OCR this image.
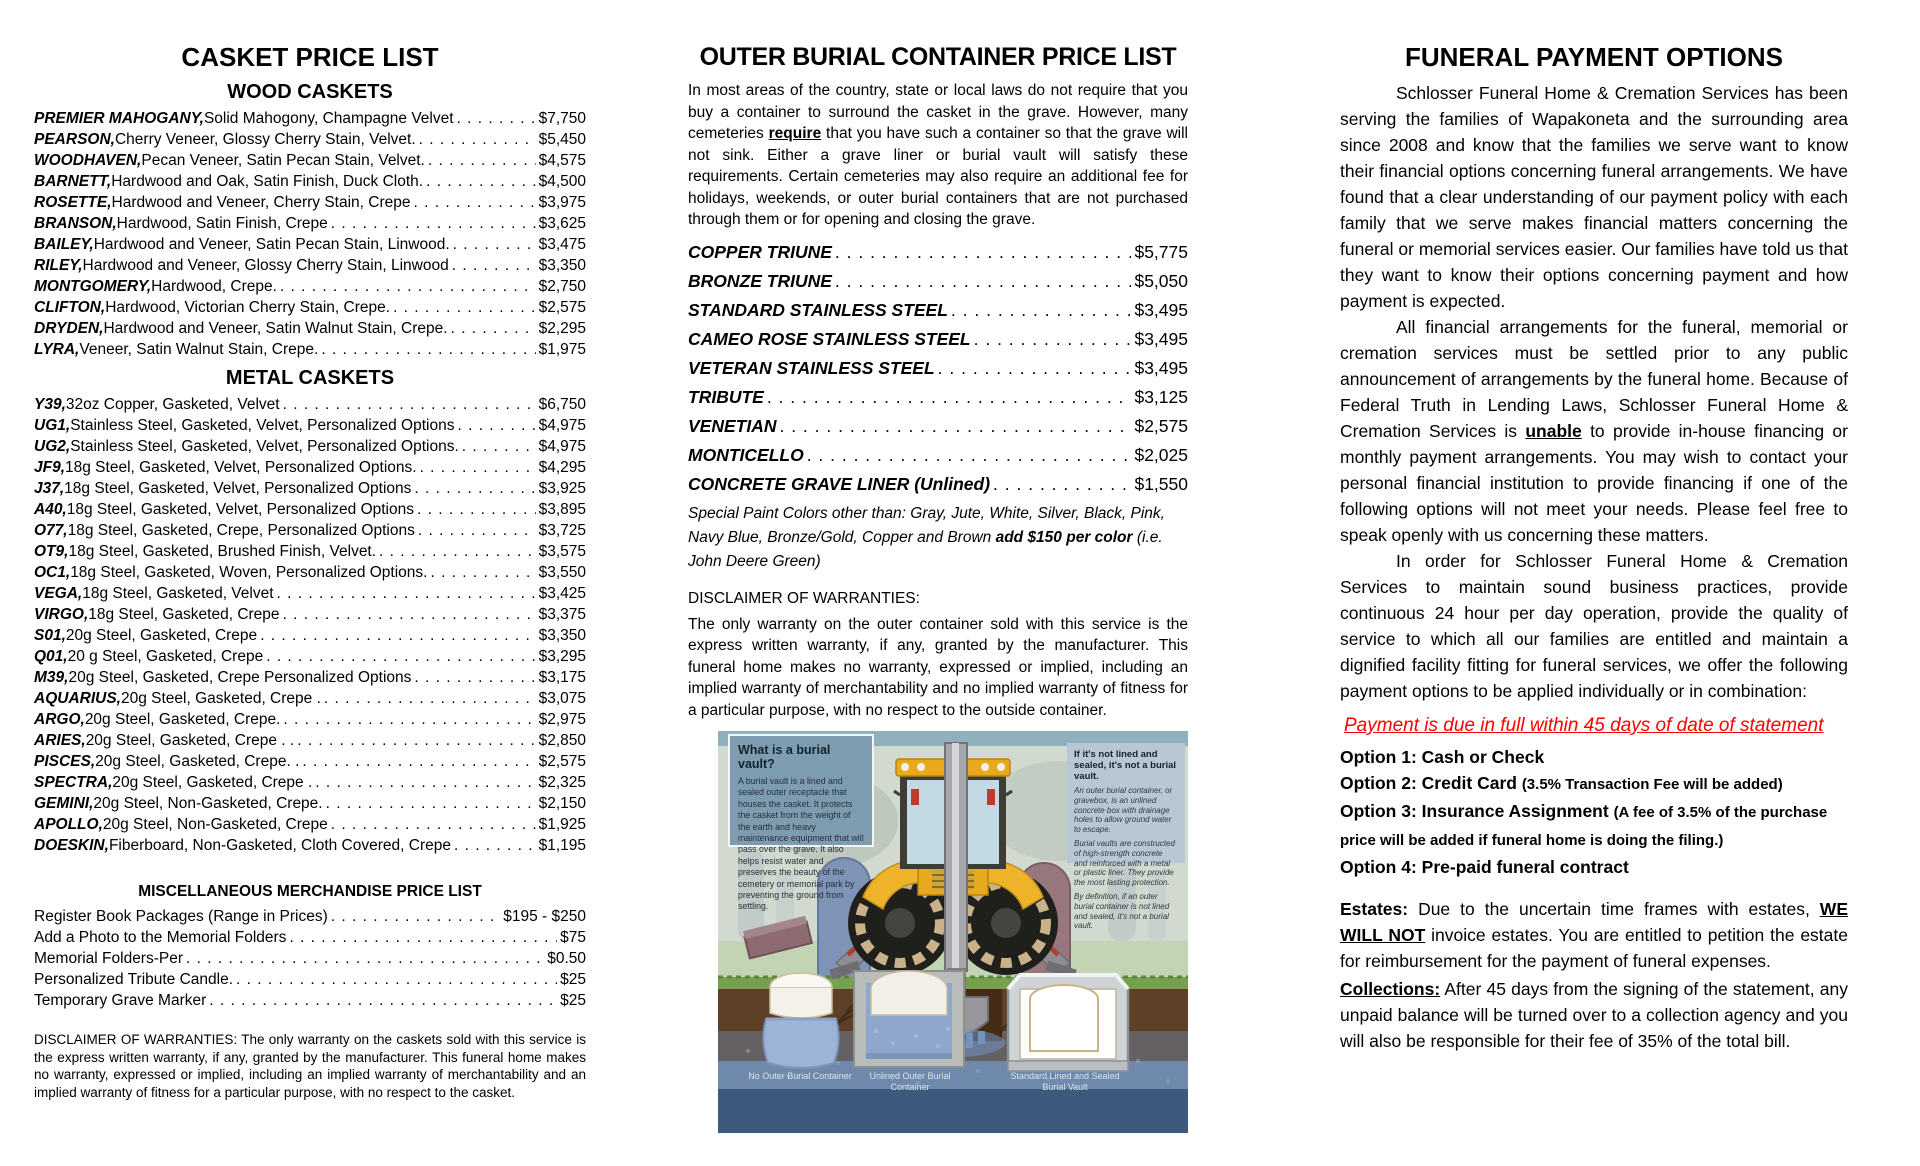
CASKET PRICE LIST
WOOD CASKETS
PREMIER MAHOGANY, Solid Mahogony, Champagne Velvet . . .	$7,750
PEARSON, Cherry Veneer, Glossy Cherry Stain, Velvet. . . .	$5,450
WOODHAVEN, Pecan Veneer, Satin Pecan Stain, Velvet. . . .	$4,575
BARNETT, Hardwood and Oak, Satin Finish, Duck Cloth. . . .	$4,500
ROSETTE, Hardwood and Veneer, Cherry Stain, Crepe . . .	$3,975
BRANSON, Hardwood, Satin Finish, Crepe . . .	$3,625
BAILEY, Hardwood and Veneer, Satin Pecan Stain, Linwood. . . .	$3,475
RILEY, Hardwood and Veneer, Glossy Cherry Stain, Linwood . . .	$3,350
MONTGOMERY, Hardwood, Crepe. . . .	$2,750
CLIFTON, Hardwood, Victorian Cherry Stain, Crepe. . . .	$2,575
DRYDEN, Hardwood and Veneer, Satin Walnut Stain, Crepe. . . .	$2,295
LYRA, Veneer, Satin Walnut Stain, Crepe. . . .	$1,975
METAL CASKETS
Y39, 32oz Copper, Gasketed, Velvet . . .	$6,750
UG1, Stainless Steel, Gasketed, Velvet, Personalized Options . . .	$4,975
UG2, Stainless Steel, Gasketed, Velvet, Personalized Options. . . .	$4,975
JF9, 18g Steel, Gasketed, Velvet, Personalized Options. . . .	$4,295
J37, 18g Steel, Gasketed, Velvet, Personalized Options . . .	$3,925
A40, 18g Steel, Gasketed, Velvet, Personalized Options . . .	$3,895
O77, 18g Steel, Gasketed, Crepe, Personalized Options . . .	$3,725
OT9, 18g Steel, Gasketed, Brushed Finish, Velvet. . . .	$3,575
OC1, 18g Steel, Gasketed, Woven, Personalized Options. . . .	$3,550
VEGA, 18g Steel, Gasketed, Velvet . . .	$3,425
VIRGO, 18g Steel, Gasketed, Crepe . . .	$3,375
S01, 20g Steel, Gasketed, Crepe . . .	$3,350
Q01, 20 g Steel, Gasketed, Crepe . . .	$3,295
M39, 20g Steel, Gasketed, Crepe Personalized Options . . .	$3,175
AQUARIUS, 20g Steel, Gasketed, Crepe . . . .	$3,075
ARGO, 20g Steel, Gasketed, Crepe. . . .	$2,975
ARIES, 20g Steel, Gasketed, Crepe . . . . .	$2,850
PISCES, 20g Steel, Gasketed, Crepe. . . . .	$2,575
SPECTRA, 20g Steel, Gasketed, Crepe . . . .	$2,325
GEMINI, 20g Steel, Non-Gasketed, Crepe. . . .	$2,150
APOLLO, 20g Steel, Non-Gasketed, Crepe . . .	$1,925
DOESKIN, Fiberboard, Non-Gasketed, Cloth Covered, Crepe . . .	$1,195
MISCELLANEOUS MERCHANDISE PRICE LIST
Register Book Packages (Range in Prices) . . .	$195 - $250
Add a Photo to the Memorial Folders . . .	$75
Memorial Folders-Per . . .	$0.50
Personalized Tribute Candle. . . .	$25
Temporary Grave Marker . . .	$25
DISCLAIMER OF WARRANTIES: The only warranty on the caskets sold with this service is the express written warranty, if any, granted by the manufacturer. This funeral home makes no warranty, expressed or implied, including an implied warranty of merchantability and an implied warranty of fitness for a particular purpose, with no respect to the casket.
OUTER BURIAL CONTAINER PRICE LIST
In most areas of the country, state or local laws do not require that you buy a container to surround the casket in the grave. However, many cemeteries require that you have such a container so that the grave will not sink. Either a grave liner or burial vault will satisfy these requirements. Certain cemeteries may also require an additional fee for holidays, weekends, or outer burial containers that are not purchased through them or for opening and closing the grave.
COPPER TRIUNE . . .	$5,775
BRONZE TRIUNE . . .	$5,050
STANDARD STAINLESS STEEL . . .	$3,495
CAMEO ROSE STAINLESS STEEL . . .	$3,495
VETERAN STAINLESS STEEL . . .	$3,495
TRIBUTE . . .	$3,125
VENETIAN . . .	$2,575
MONTICELLO . . .	$2,025
CONCRETE GRAVE LINER (Unlined) . . .	$1,550
Special Paint Colors other than: Gray, Jute, White, Silver, Black, Pink, Navy Blue, Bronze/Gold, Copper and Brown add $150 per color (i.e. John Deere Green)
DISCLAIMER OF WARRANTIES:

The only warranty on the outer container sold with this service is the express written warranty, if any, granted by the manufacturer. This funeral home makes no warranty, expressed or implied, including an implied warranty of merchantability and no implied warranty of fitness for a particular purpose, with no respect to the outside container.

What is a burial vault?
A burial vault is a lined and sealed outer receptacle that houses the casket. It protects the casket from the weight of the earth and heavy maintenance equipment that will pass over the grave. It also helps resist water and preserves the beauty of the cemetery or memorial park by preventing the ground from settling.
If it's not lined and sealed, it's not a burial vault.

An outer burial container, or gravebox, is an unlined concrete box with drainage holes to allow ground water to escape.

Burial vaults are constructed of high-strength concrete and reinforced with a metal or plastic liner. They provide the most lasting protection.

By definition, if an outer burial container is not lined and sealed, it's not a burial vault.

No Outer Burial Container	Unlined Outer Burial Container
Standard Lined and Sealed Burial Vault
FUNERAL PAYMENT OPTIONS

Schlosser Funeral Home & Cremation Services has been serving the families of Wapakoneta and the surrounding area since 2008 and know that the families we serve want to know their financial options concerning funeral arrangements. We have found that a clear understanding of our payment policy with each family that we serve makes financial matters concerning the funeral or memorial services easier. Our families have told us that they want to know their options concerning payment and how payment is expected.

All financial arrangements for the funeral, memorial or cremation services must be settled prior to any public announcement of arrangements by the funeral home. Because of Federal Truth in Lending Laws, Schlosser Funeral Home & Cremation Services is unable to provide in-house financing or monthly payment arrangements. You may wish to contact your personal financial institution to provide financing if one of the following options will not meet your needs. Please feel free to speak openly with us concerning these matters.

In order for Schlosser Funeral Home & Cremation Services to maintain sound business practices, provide continuous 24 hour per day operation, provide the quality of service to which all our families are entitled and maintain a dignified facility fitting for funeral services, we offer the following payment options to be applied individually or in combination:

Payment is due in full within 45 days of date of statement

Option 1: Cash or Check

Option 2: Credit Card (3.5% Transaction Fee will be added)

Option 3: Insurance Assignment (A fee of 3.5% of the purchase price will be added if funeral home is doing the filing.)

Option 4: Pre-paid funeral contract

Estates: Due to the uncertain time frames with estates, WE WILL NOT invoice estates. You are entitled to petition the estate for reimbursement for the payment of funeral expenses.

Collections: After 45 days from the signing of the statement, any unpaid balance will be turned over to a collection agency and you will also be responsible for their fee of 35% of the total bill.
